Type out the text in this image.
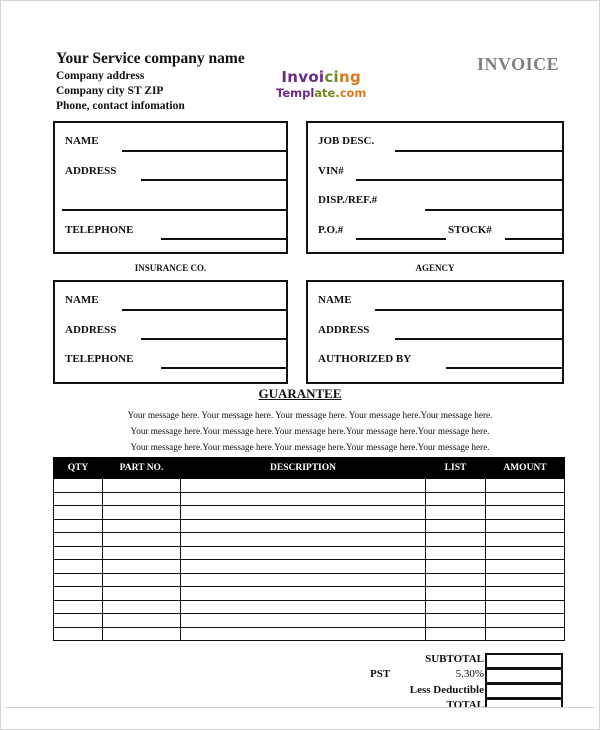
Your Service company name
Company address
Company city ST ZIP
Phone, contact infomation
Invoicing
Template.com
INVOICE
NAME
ADDRESS
TELEPHONE
JOB DESC.
VIN#
DISP./REF.#
P.O.#	STOCK#
INSURANCE CO.
NAME
ADDRESS
TELEPHONE
AGENCY
NAME
ADDRESS
AUTHORIZED BY
GUARANTEE
Your message here. Your message here. Your message here. Your message here.Your message here.
Your message here.Your message here.Your message here.Your message here.Your message here.
Your message here.Your message here.Your message here.Your message here.Your message here.
QTY	PART NO.	DESCRIPTION	LIST	AMOUNT

SUBTOTAL
PST	5.30%
Less Deductible
TOTAL
